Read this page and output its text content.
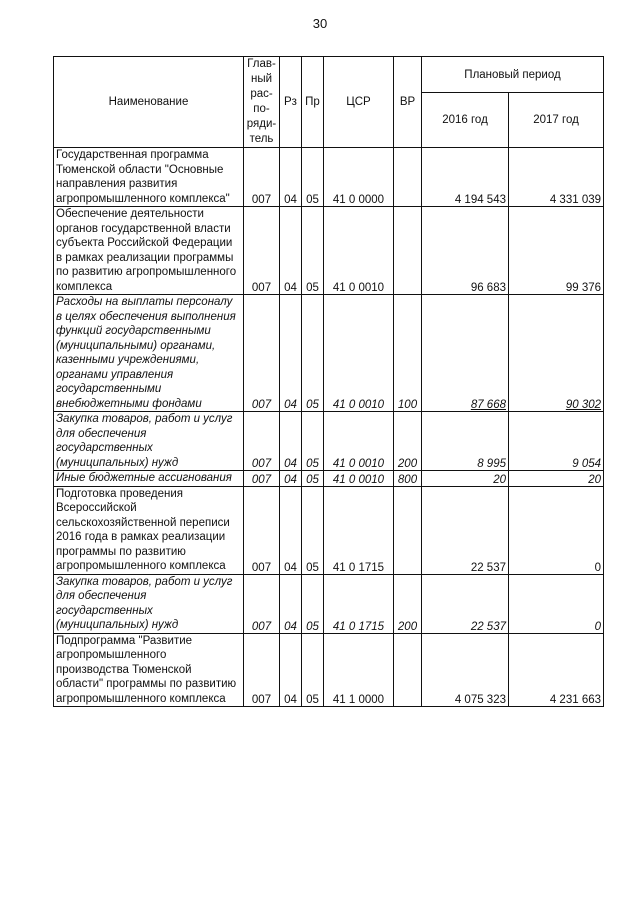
30
Наименование	Глав-ный рас-по-ряди-тель	Рз	Пр	ЦСР	ВР	Плановый период	
						2016 год	2017 год
Государственная программа Тюменской области "Основные направления развития агропромышленного комплекса"	007	04	05	41 0 0000		4 194 543	4 331 039
Обеспечение деятельности органов государственной власти субъекта Российской Федерации в рамках реализации программы по развитию агропромышленного комплекса	007	04	05	41 0 0010		96 683	99 376
Расходы на выплаты персоналу в целях обеспечения выполнения функций государственными (муниципальными) органами, казенными учреждениями, органами управления государственными внебюджетными фондами	007	04	05	41 0 0010	100	87 668	90 302
Закупка товаров, работ и услуг для обеспечения государственных (муниципальных) нужд	007	04	05	41 0 0010	200	8 995	9 054
Иные бюджетные ассигнования	007	04	05	41 0 0010	800	20	20
Подготовка проведения Всероссийской сельскохозяйственной переписи 2016 года в рамках реализации программы по развитию агропромышленного комплекса	007	04	05	41 0 1715		22 537	0
Закупка товаров, работ и услуг для обеспечения государственных (муниципальных) нужд	007	04	05	41 0 1715	200	22 537	0
Подпрограмма "Развитие агропромышленного производства Тюменской области" программы по развитию агропромышленного комплекса	007	04	05	41 1 0000		4 075 323	4 231 663
